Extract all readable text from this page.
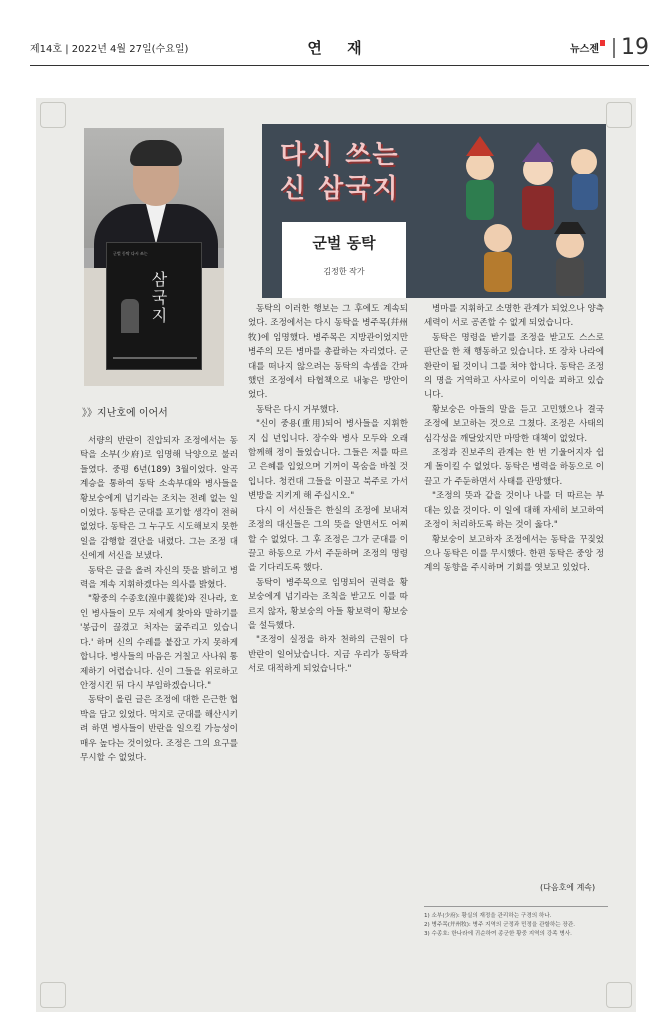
제14호 | 2022년 4월 27일(수요일)	연 재	뉴스젠 19
군벌 동탁 다시 쓰는
삼국지
》》지난호에 이어서
다시 쓰는
신 삼국지
군벌 동탁
김정한 작가

서량의 반란이 진압되자 조정에서는 동탁을 소부(少府)로 임명해 낙양으로 불러들였다. 중평 6년(189) 3월이었다. 알곡 계승을 통하여 동탁 소속부대와 병사들을 황보숭에게 넘기라는 조치는 전례 없는 일이었다. 동탁은 군대를 포기할 생각이 전혀 없었다. 동탁은 그 누구도 시도해보지 못한 일을 감행할 결단을 내렸다. 그는 조정 대신에게 서신을 보냈다.

동탁은 글을 올려 자신의 뜻을 밝히고 병력을 계속 지휘하겠다는 의사를 밝혔다.

"황중의 수종호(湟中義從)와 진나라, 호인 병사들이 모두 저에게 찾아와 말하기를 '봉급이 끊겼고 처자는 굶주리고 있습니다.' 하며 신의 수레를 붙잡고 가지 못하게 합니다. 병사들의 마음은 거칠고 사나워 통제하기 어렵습니다. 신이 그들을 위로하고 안정시킨 뒤 다시 부임하겠습니다."

동탁이 올린 글은 조정에 대한 은근한 협박을 담고 있었다. 먹지로 군대를 해산시키려 하면 병사들이 반란을 일으킬 가능성이 매우 높다는 것이었다. 조정은 그의 요구를 무시할 수 없었다.

동탁의 이러한 행보는 그 후에도 계속되었다. 조정에서는 다시 동탁을 병주목(幷州牧)에 임명했다. 병주목은 지방관이었지만 병주의 모든 병마를 총괄하는 자리였다. 군대를 떠나지 않으려는 동탁의 속셈을 간파했던 조정에서 타협책으로 내놓은 방안이었다.

동탁은 다시 거부했다.

"신이 중용(重用)되어 병사들을 지휘한 지 십 년입니다. 장수와 병사 모두와 오래 함께해 정이 들었습니다. 그들은 저를 따르고 은혜를 입었으며 기꺼이 목숨을 바칠 것입니다. 청컨대 그들을 이끌고 북주로 가서 변방을 지키게 해 주십시오."

다시 이 서신들은 한실의 조정에 보내져 조정의 대신들은 그의 뜻을 알면서도 어찌할 수 없었다. 그 후 조정은 그가 군대를 이끌고 하동으로 가서 주둔하며 조정의 명령을 기다리도록 했다.

동탁이 병주목으로 임명되어 권력을 황보숭에게 넘기라는 조칙을 받고도 이를 따르지 않자, 황보숭의 아들 황보력이 황보숭을 설득했다.

"조정이 실정을 하자 천하의 근원이 다 반란이 일어났습니다. 지금 우리가 동탁과 서로 대적하게 되었습니다."

병마를 지휘하고 소명한 관계가 되었으나 양측 세력이 서로 공존할 수 없게 되었습니다.

동탁은 명령을 받기를 조정을 받고도 스스로 판단을 한 채 행동하고 있습니다. 또 장차 나라에 환란이 될 것이니 그를 쳐야 합니다. 동탁은 조정의 명을 거역하고 사사로이 이익을 꾀하고 있습니다.

황보숭은 아들의 말을 듣고 고민했으나 결국 조정에 보고하는 것으로 그쳤다. 조정은 사태의 심각성을 깨달았지만 마땅한 대책이 없었다.

조정과 진보주의 관계는 한 번 기울어지자 쉽게 돌이킬 수 없었다. 동탁은 병력을 하동으로 이끌고 가 주둔하면서 사태를 관망했다.

"조정의 뜻과 같을 것이나 나를 더 따르는 부대는 있을 것이다. 이 일에 대해 자세히 보고하여 조정이 처리하도록 하는 것이 옳다."

황보숭이 보고하자 조정에서는 동탁을 꾸짖었으나 동탁은 이를 무시했다. 한편 동탁은 중앙 정계의 동향을 주시하며 기회를 엿보고 있었다.

(다음호에 계속)
1) 소부(少府): 황실의 재정을 관리하는 구경의 하나.
2) 병주목(幷州牧): 병주 지역의 군정과 민정을 관할하는 장관.
3) 수종호: 한나라에 귀순하여 종군한 황중 지역의 강족 병사.
